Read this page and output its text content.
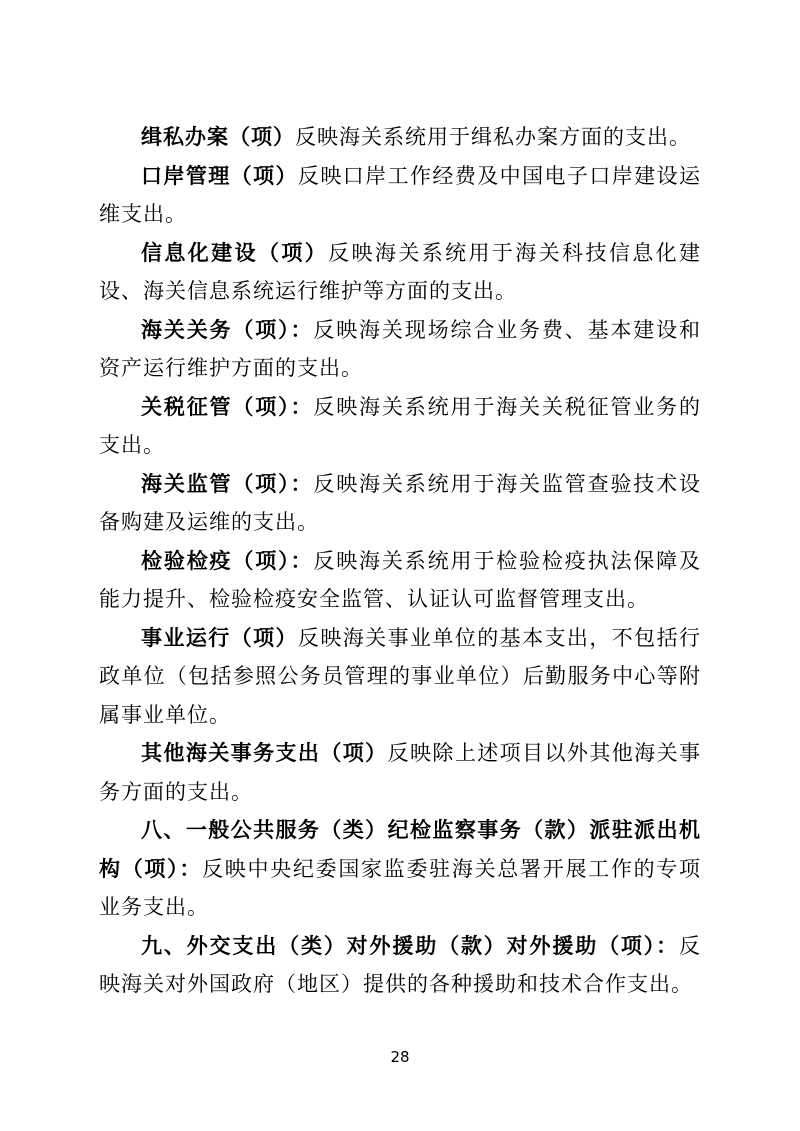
缉私办案（项）反映海关系统用于缉私办案方面的支出。

口岸管理（项）反映口岸工作经费及中国电子口岸建设运维支出。

信息化建设（项）反映海关系统用于海关科技信息化建设、海关信息系统运行维护等方面的支出。

海关关务（项）：反映海关现场综合业务费、基本建设和资产运行维护方面的支出。

关税征管（项）：反映海关系统用于海关关税征管业务的支出。

海关监管（项）：反映海关系统用于海关监管查验技术设备购建及运维的支出。

检验检疫（项）：反映海关系统用于检验检疫执法保障及能力提升、检验检疫安全监管、认证认可监督管理支出。

事业运行（项）反映海关事业单位的基本支出，不包括行政单位（包括参照公务员管理的事业单位）后勤服务中心等附属事业单位。

其他海关事务支出（项）反映除上述项目以外其他海关事务方面的支出。

八、一般公共服务（类）纪检监察事务（款）派驻派出机构（项）：反映中央纪委国家监委驻海关总署开展工作的专项业务支出。

九、外交支出（类）对外援助（款）对外援助（项）：反映海关对外国政府（地区）提供的各种援助和技术合作支出。

28
